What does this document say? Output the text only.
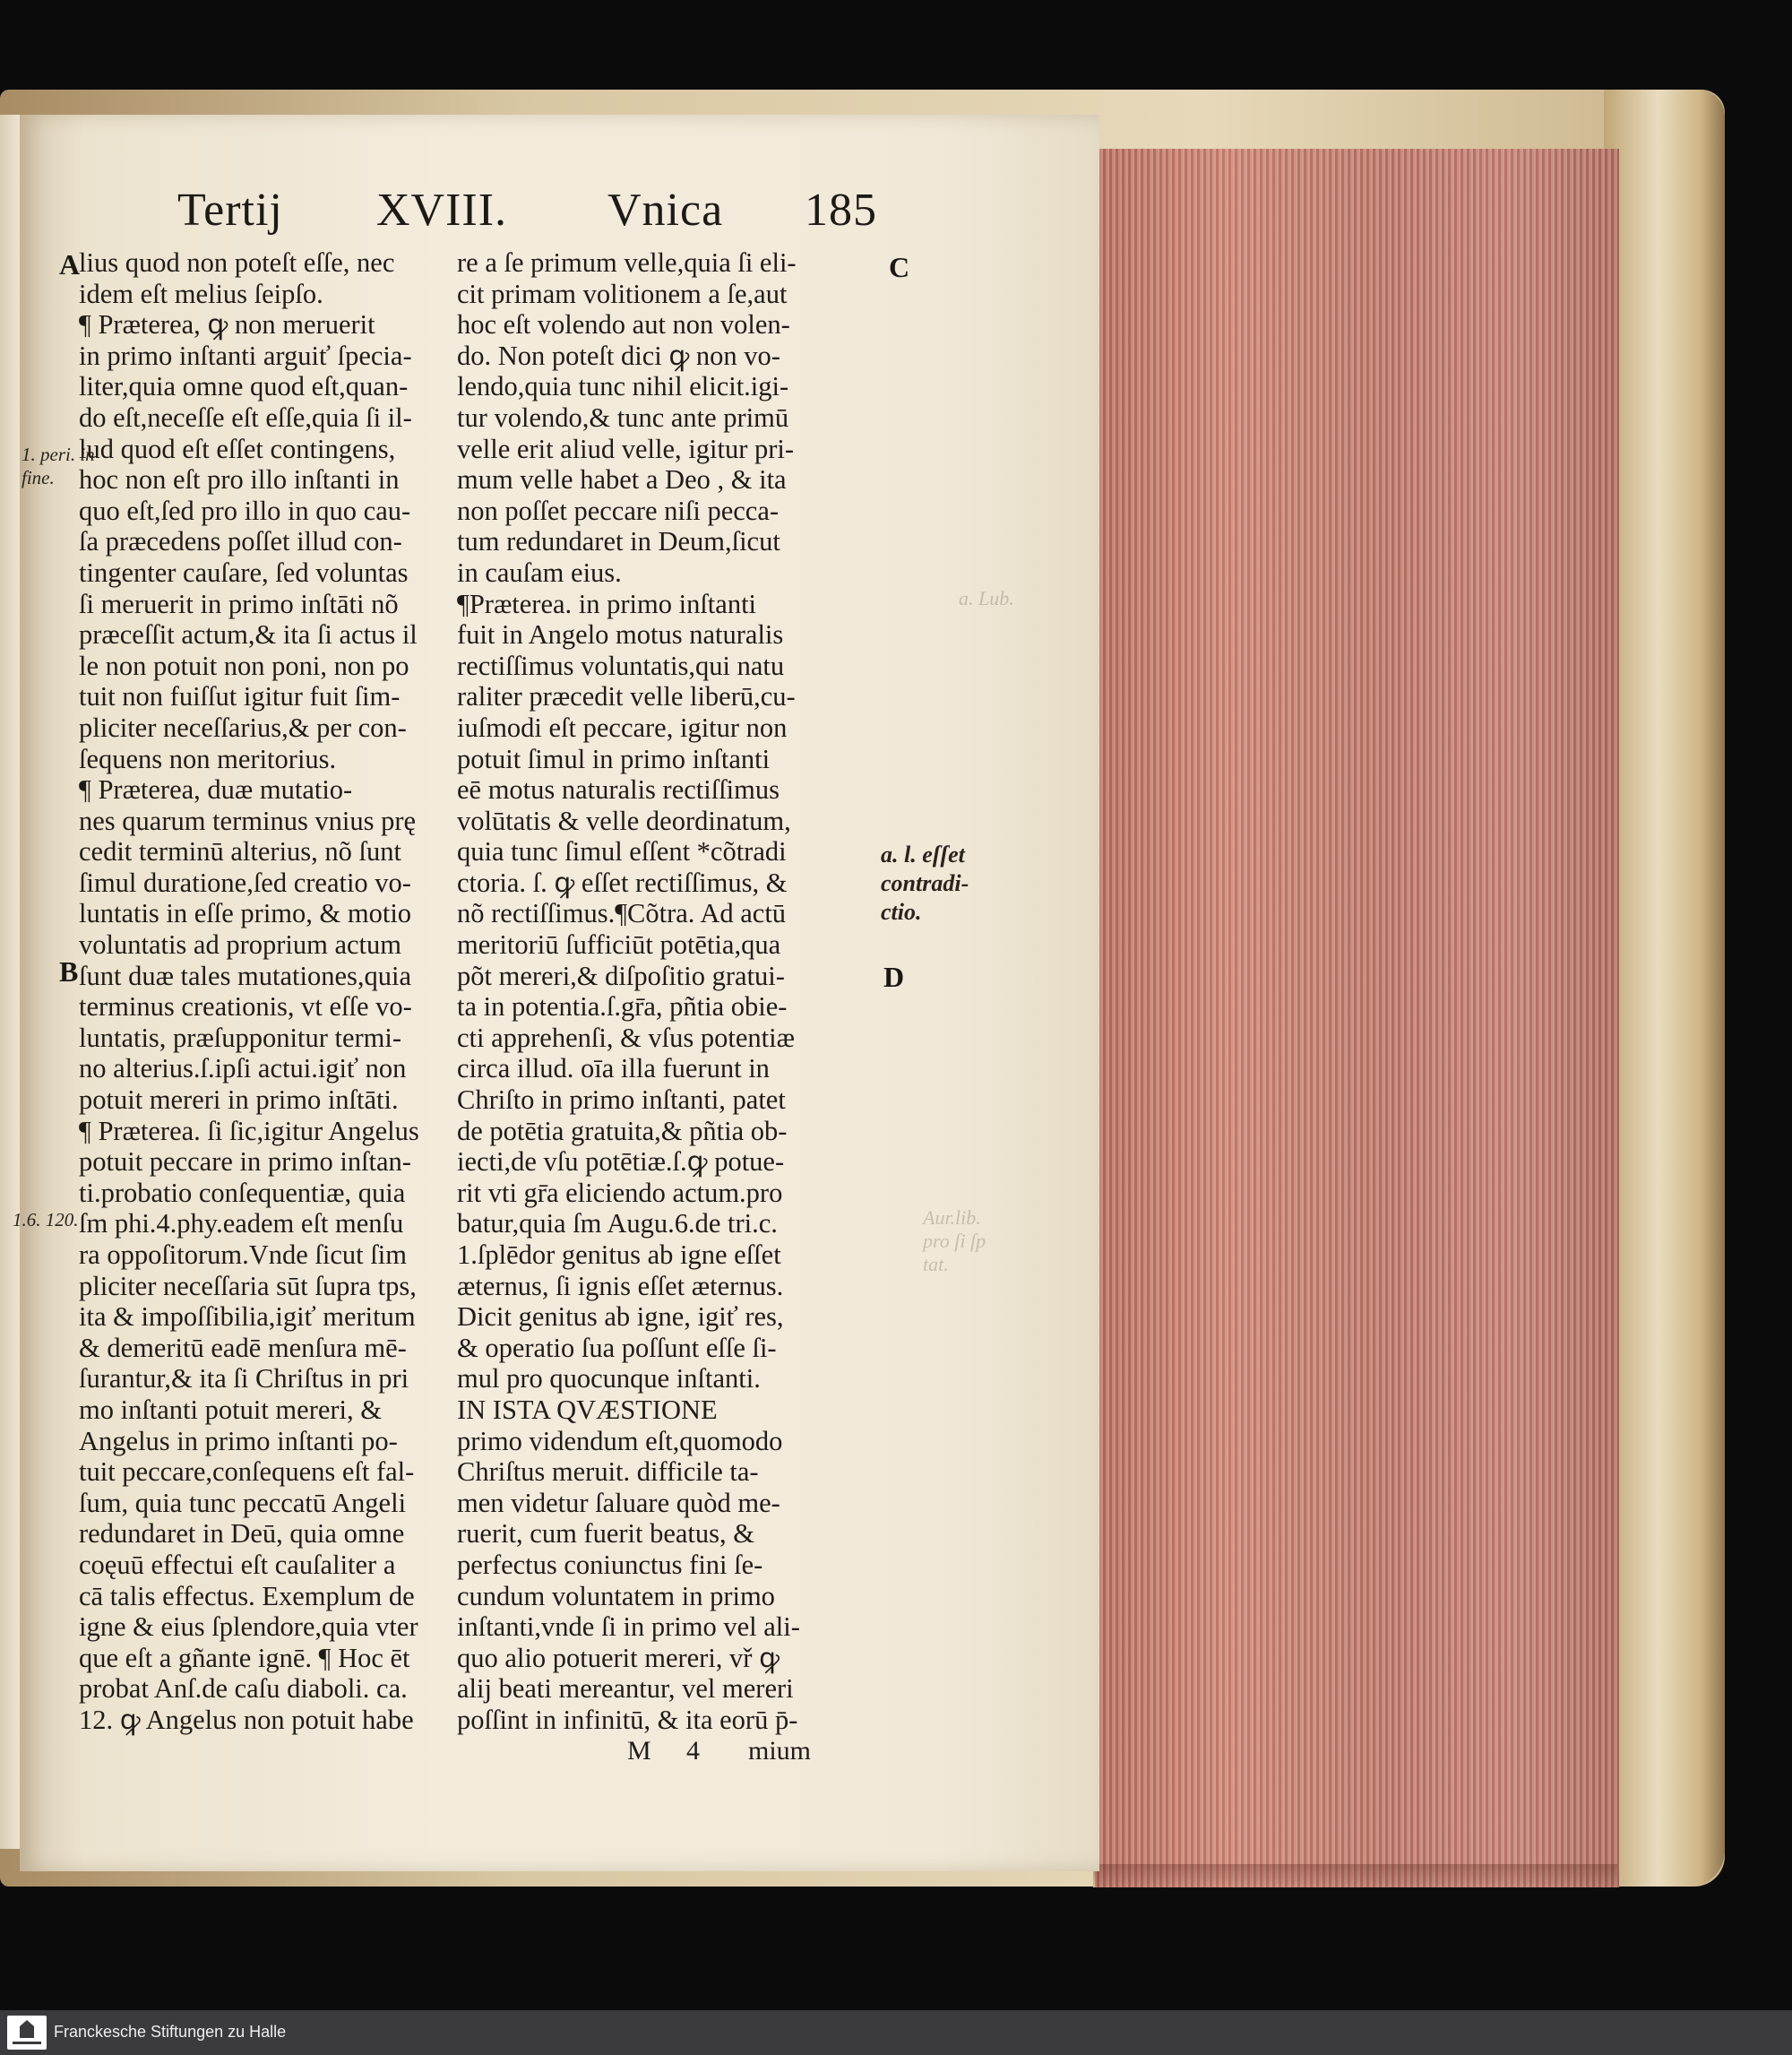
Tertij XVIII. Vnica 185
lius quod non poteſt eſſe, nec
idem eſt melius ſeipſo.
¶ Præterea, ꝙ non meruerit
in primo inſtanti arguiť ſpecia-
liter,quia omne quod eſt,quan-
do eſt,neceſſe eſt eſſe,quia ſi il-
lud quod eſt eſſet contingens,
hoc non eſt pro illo inſtanti in
quo eſt,ſed pro illo in quo cau-
ſa præcedens poſſet illud con-
tingenter cauſare, ſed voluntas
ſi meruerit in primo inſtāti nõ
præceſſit actum,& ita ſi actus il
le non potuit non poni, non po
tuit non fuiſſut igitur fuit ſim-
pliciter neceſſarius,& per con-
ſequens non meritorius.
¶ Præterea, duæ mutatio-
nes quarum terminus vnius prę
cedit terminū alterius, nõ ſunt
ſimul duratione,ſed creatio vo-
luntatis in eſſe primo, & motio
voluntatis ad proprium actum
ſunt duæ tales mutationes,quia
terminus creationis, vt eſſe vo-
luntatis, præſupponitur termi-
no alterius.ſ.ipſi actui.igiť non
potuit mereri in primo inſtāti.
¶ Præterea. ſi ſic,igitur Angelus
potuit peccare in primo inſtan-
ti.probatio conſequentiæ, quia
ſm phi.4.phy.eadem eſt menſu
ra oppoſitorum.Vnde ſicut ſim
pliciter neceſſaria sūt ſupra tps,
ita & impoſſibilia,igiť meritum
& demeritū eadē menſura mē-
ſurantur,& ita ſi Chriſtus in pri
mo inſtanti potuit mereri, &
Angelus in primo inſtanti po-
tuit peccare,conſequens eſt fal-
ſum, quia tunc peccatū Angeli
redundaret in Deū, quia omne
coęuū effectui eſt cauſaliter a
cā talis effectus. Exemplum de
igne & eius ſplendore,quia vter
que eſt a gñante ignē. ¶ Hoc ēt
probat Anſ.de caſu diaboli. ca.
12. ꝙ Angelus non potuit habe
re a ſe primum velle,quia ſi eli-
cit primam volitionem a ſe,aut
hoc eſt volendo aut non volen-
do. Non poteſt dici ꝙ non vo-
lendo,quia tunc nihil elicit.igi-
tur volendo,& tunc ante primū
velle erit aliud velle, igitur pri-
mum velle habet a Deo , & ita
non poſſet peccare niſi pecca-
tum redundaret in Deum,ſicut
in cauſam eius.
¶Præterea. in primo inſtanti
fuit in Angelo motus naturalis
rectiſſimus voluntatis,qui natu
raliter præcedit velle liberū,cu-
iuſmodi eſt peccare, igitur non
potuit ſimul in primo inſtanti
eē motus naturalis rectiſſimus
volūtatis & velle deordinatum,
quia tunc ſimul eſſent *cõtradi
ctoria. ſ. ꝙ eſſet rectiſſimus, &
nõ rectiſſimus.¶Cõtra. Ad actū
meritoriū ſufficiūt potētia,qua
põt mereri,& diſpoſitio gratui-
ta in potentia.ſ.gr̄a, pñtia obie-
cti apprehenſi, & vſus potentiæ
circa illud. oīa illa fuerunt in
Chriſto in primo inſtanti, patet
de potētia gratuita,& pñtia ob-
iecti,de vſu potētiæ.ſ.ꝙ potue-
rit vti gr̄a eliciendo actum.pro
batur,quia ſm Augu.6.de tri.c.
1.ſplēdor genitus ab igne eſſet
æternus, ſi ignis eſſet æternus.
Dicit genitus ab igne, igiť res,
& operatio ſua poſſunt eſſe ſi-
mul pro quocunque inſtanti.
IN ISTA QVÆSTIONE
primo videndum eſt,quomodo
Chriſtus meruit. difficile ta-
men videtur ſaluare quòd me-
ruerit, cum fuerit beatus, &
perfectus coniunctus fini ſe-
cundum voluntatem in primo
inſtanti,vnde ſi in primo vel ali-
quo alio potuerit mereri, vř ꝙ
alij beati mereantur, vel mereri
poſſint in infinitū, & ita eorū p̄-
A
B
C
D
1. peri. in
fine.
1.6. 120.
a. l. eſſet
contradi-
ctio.
a. Lub.
Aur.lib.
pro ſi ſp
tat.
M 4 mium
Franckesche Stiftungen zu Halle
